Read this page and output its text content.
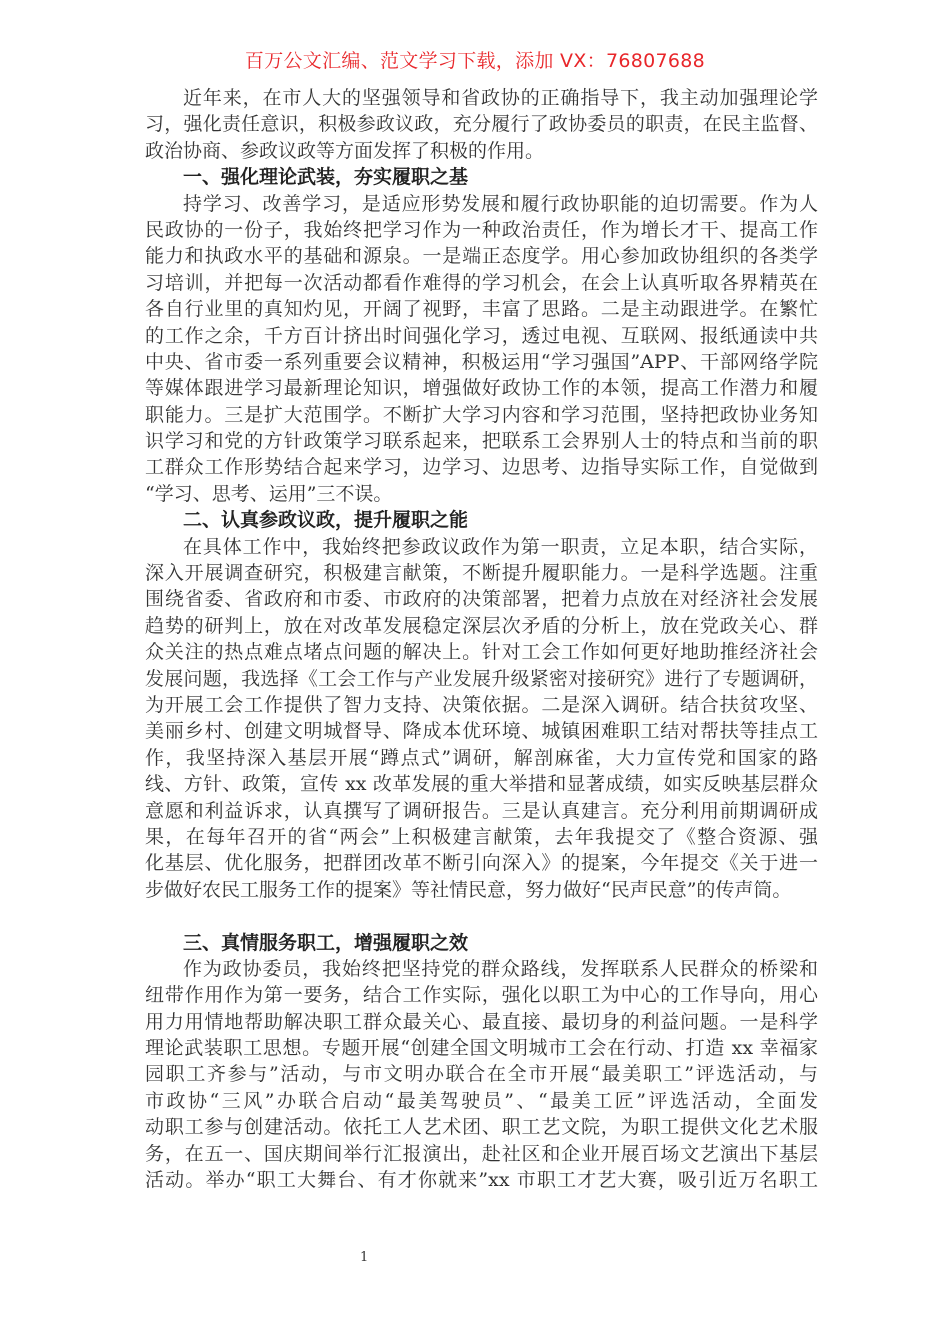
百万公文汇编、范文学习下载，添加 VX：76807688
近年来，在市人大的坚强领导和省政协的正确指导下，我主动加强理论学
习，强化责任意识，积极参政议政，充分履行了政协委员的职责，在民主监督、
政治协商、参政议政等方面发挥了积极的作用。
一、强化理论武装，夯实履职之基
持学习、改善学习，是适应形势发展和履行政协职能的迫切需要。作为人
民政协的一份子，我始终把学习作为一种政治责任，作为增长才干、提高工作
能力和执政水平的基础和源泉。一是端正态度学。用心参加政协组织的各类学
习培训，并把每一次活动都看作难得的学习机会，在会上认真听取各界精英在
各自行业里的真知灼见，开阔了视野，丰富了思路。二是主动跟进学。在繁忙
的工作之余，千方百计挤出时间强化学习，透过电视、互联网、报纸通读中共
中央、省市委一系列重要会议精神，积极运用“学习强国”APP、干部网络学院
等媒体跟进学习最新理论知识，增强做好政协工作的本领，提高工作潜力和履
职能力。三是扩大范围学。不断扩大学习内容和学习范围，坚持把政协业务知
识学习和党的方针政策学习联系起来，把联系工会界别人士的特点和当前的职
工群众工作形势结合起来学习，边学习、边思考、边指导实际工作，自觉做到
“学习、思考、运用”三不误。
二、认真参政议政，提升履职之能
在具体工作中，我始终把参政议政作为第一职责，立足本职，结合实际，
深入开展调查研究，积极建言献策，不断提升履职能力。一是科学选题。注重
围绕省委、省政府和市委、市政府的决策部署，把着力点放在对经济社会发展
趋势的研判上，放在对改革发展稳定深层次矛盾的分析上，放在党政关心、群
众关注的热点难点堵点问题的解决上。针对工会工作如何更好地助推经济社会
发展问题，我选择《工会工作与产业发展升级紧密对接研究》进行了专题调研，
为开展工会工作提供了智力支持、决策依据。二是深入调研。结合扶贫攻坚、
美丽乡村、创建文明城督导、降成本优环境、城镇困难职工结对帮扶等挂点工
作，我坚持深入基层开展“蹲点式”调研，解剖麻雀，大力宣传党和国家的路
线、方针、政策，宣传 xx 改革发展的重大举措和显著成绩，如实反映基层群众
意愿和利益诉求，认真撰写了调研报告。三是认真建言。充分利用前期调研成
果，在每年召开的省“两会”上积极建言献策，去年我提交了《整合资源、强
化基层、优化服务，把群团改革不断引向深入》的提案，今年提交《关于进一
步做好农民工服务工作的提案》等社情民意，努力做好“民声民意”的传声筒。
三、真情服务职工，增强履职之效
作为政协委员，我始终把坚持党的群众路线，发挥联系人民群众的桥梁和
纽带作用作为第一要务，结合工作实际，强化以职工为中心的工作导向，用心
用力用情地帮助解决职工群众最关心、最直接、最切身的利益问题。一是科学
理论武装职工思想。专题开展“创建全国文明城市工会在行动、打造 xx 幸福家
园职工齐参与”活动，与市文明办联合在全市开展“最美职工”评选活动，与
市政协“三风”办联合启动“最美驾驶员”、“最美工匠”评选活动，全面发
动职工参与创建活动。依托工人艺术团、职工艺文院，为职工提供文化艺术服
务，在五一、国庆期间举行汇报演出，赴社区和企业开展百场文艺演出下基层
活动。举办“职工大舞台、有才你就来”xx 市职工才艺大赛，吸引近万名职工
1
